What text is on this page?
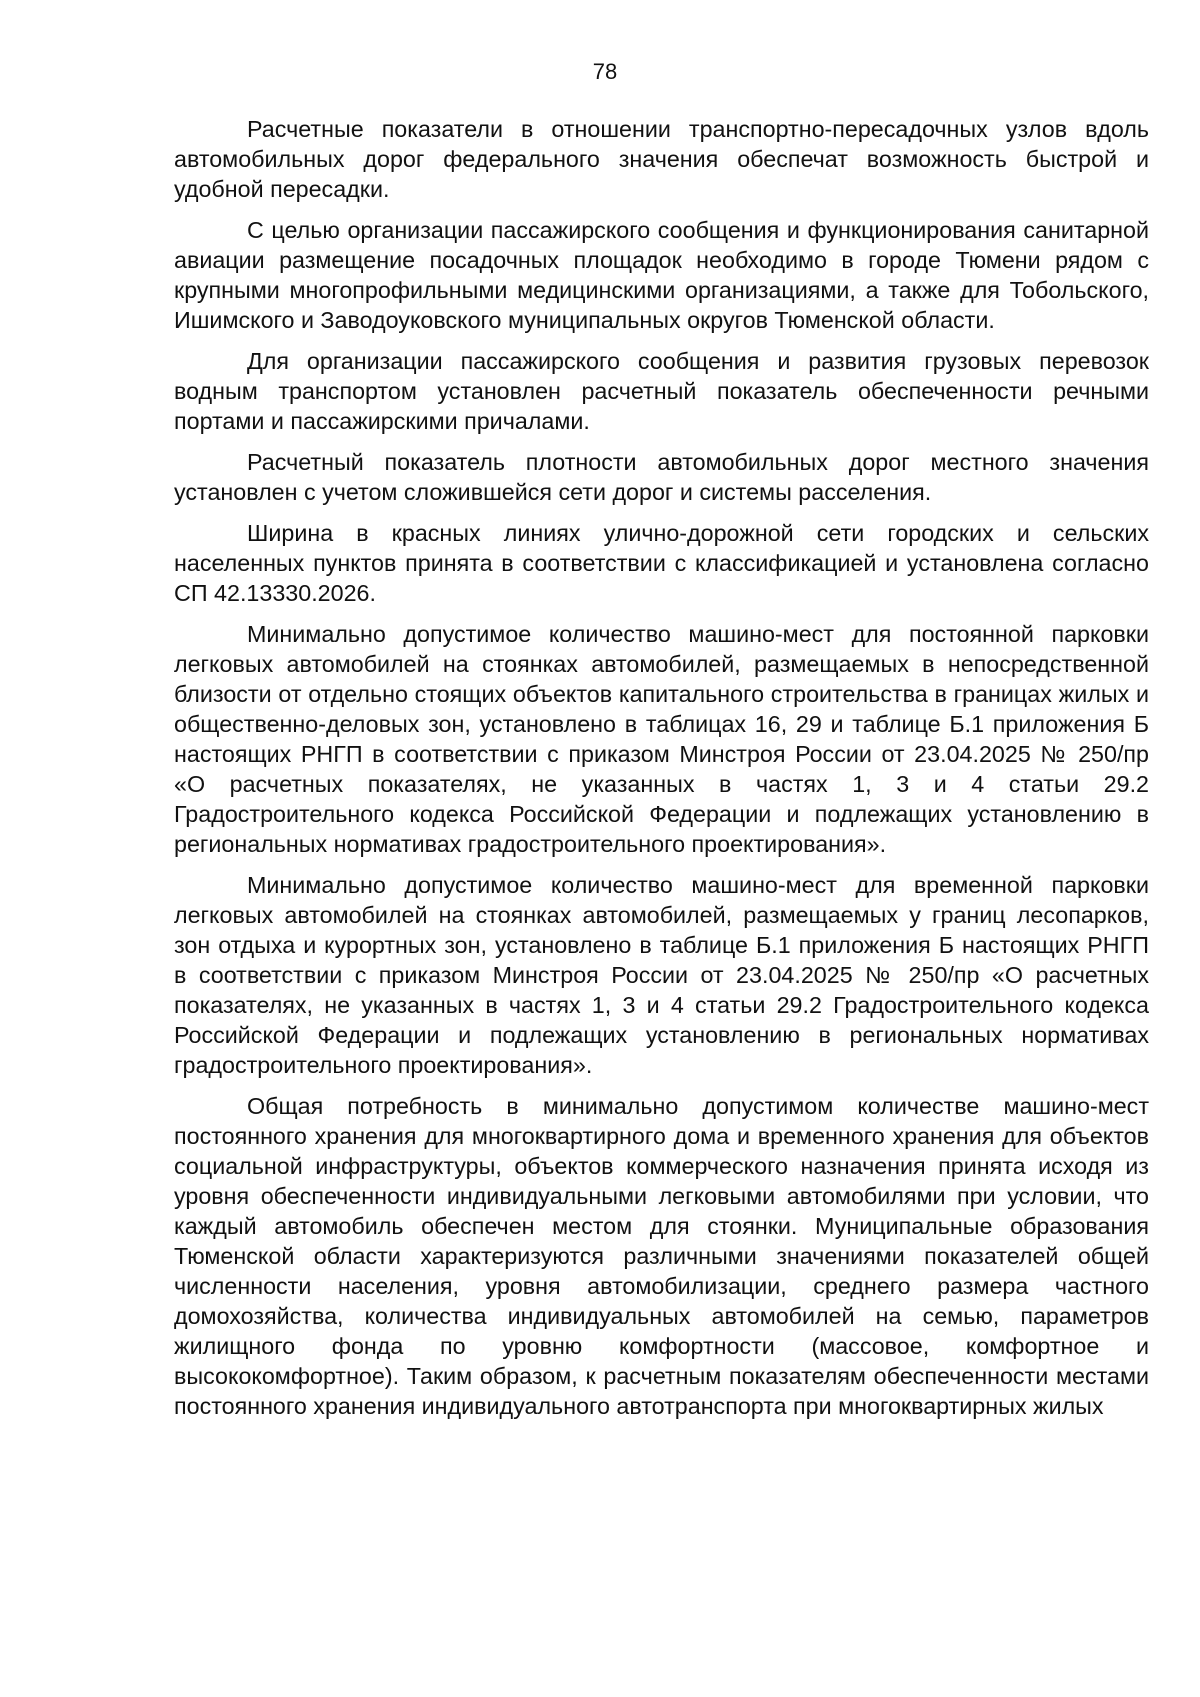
78

Расчетные показатели в отношении транспортно-пересадочных узлов вдоль автомобильных дорог федерального значения обеспечат возможность быстрой и удобной пересадки.

С целью организации пассажирского сообщения и функционирования санитарной авиации размещение посадочных площадок необходимо в городе Тюмени рядом с крупными многопрофильными медицинскими организациями, а также для Тобольского, Ишимского и Заводоуковского муниципальных округов Тюменской области.

Для организации пассажирского сообщения и развития грузовых перевозок водным транспортом установлен расчетный показатель обеспеченности речными портами и пассажирскими причалами.

Расчетный показатель плотности автомобильных дорог местного значения установлен с учетом сложившейся сети дорог и системы расселения.

Ширина в красных линиях улично-дорожной сети городских и сельских населенных пунктов принята в соответствии с классификацией и установлена согласно СП 42.13330.2026.

Минимально допустимое количество машино-мест для постоянной парковки легковых автомобилей на стоянках автомобилей, размещаемых в непосредственной близости от отдельно стоящих объектов капитального строительства в границах жилых и общественно-деловых зон, установлено в таблицах 16, 29 и таблице Б.1 приложения Б настоящих РНГП в соответствии с приказом Минстроя России от 23.04.2025 № 250/пр «О расчетных показателях, не указанных в частях 1, 3 и 4 статьи 29.2 Градостроительного кодекса Российской Федерации и подлежащих установлению в региональных нормативах градостроительного проектирования».

Минимально допустимое количество машино-мест для временной парковки легковых автомобилей на стоянках автомобилей, размещаемых у границ лесопарков, зон отдыха и курортных зон, установлено в таблице Б.1 приложения Б настоящих РНГП в соответствии с приказом Минстроя России от 23.04.2025 № 250/пр «О расчетных показателях, не указанных в частях 1, 3 и 4 статьи 29.2 Градостроительного кодекса Российской Федерации и подлежащих установлению в региональных нормативах градостроительного проектирования».

Общая потребность в минимально допустимом количестве машино-мест постоянного хранения для многоквартирного дома и временного хранения для объектов социальной инфраструктуры, объектов коммерческого назначения принята исходя из уровня обеспеченности индивидуальными легковыми автомобилями при условии, что каждый автомобиль обеспечен местом для стоянки. Муниципальные образования Тюменской области характеризуются различными значениями показателей общей численности населения, уровня автомобилизации, среднего размера частного домохозяйства, количества индивидуальных автомобилей на семью, параметров жилищного фонда по уровню комфортности (массовое, комфортное и высококомфортное). Таким образом, к расчетным показателям обеспеченности местами постоянного хранения индивидуального автотранспорта при многоквартирных жилых
